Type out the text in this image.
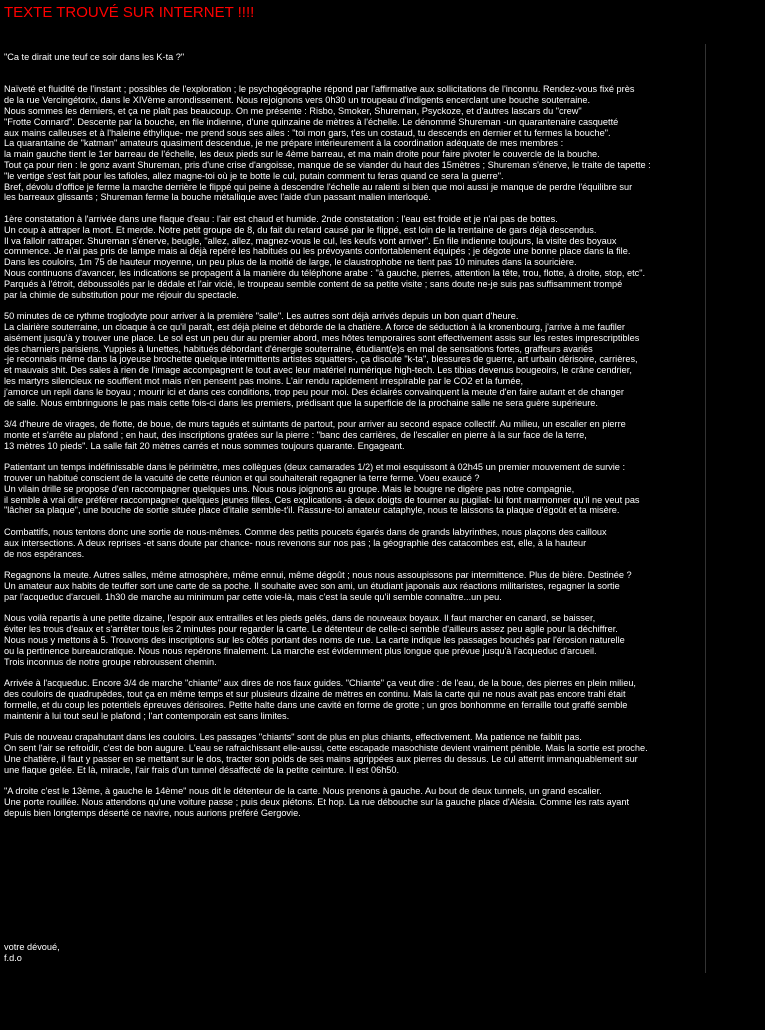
TEXTE TROUVÉ SUR INTERNET !!!!

"Ca te dirait une teuf ce soir dans les K-ta ?"

Naïveté et fluidité de l'instant ; possibles de l'exploration ; le psychogéographe répond par l'affirmative aux sollicitations de l'inconnu. Rendez-vous fixé près
de la rue Vercingétorix, dans le XIVème arrondissement. Nous rejoignons vers 0h30 un troupeau d'indigents encerclant une bouche souterraine.
Nous sommes les derniers, et ça ne plaît pas beaucoup. On me présente : Risbo, Smoker, Shureman, Psyckoze, et d'autres lascars du "crew"
"Frotte Connard". Descente par la bouche, en file indienne, d'une quinzaine de mètres à l'échelle. Le dénommé Shureman -un quarantenaire casquetté
aux mains calleuses et à l'haleine éthylique- me prend sous ses ailes : "toi mon gars, t'es un costaud, tu descends en dernier et tu fermes la bouche".
La quarantaine de "katman" amateurs quasiment descendue, je me prépare intérieurement à la coordination adéquate de mes membres :
la main gauche tient le 1er barreau de l'échelle, les deux pieds sur le 4ème barreau, et ma main droite pour faire pivoter le couvercle de la bouche.
Tout ça pour rien : le gonz avant Shureman, pris d'une crise d'angoisse, manque de se viander du haut des 15mètres ; Shureman s'énerve, le traite de tapette :
"le vertige s'est fait pour les tafioles, allez magne-toi où je te botte le cul, putain comment tu feras quand ce sera la guerre".
Bref, dévolu d'office je ferme la marche derrière le flippé qui peine à descendre l'échelle au ralenti si bien que moi aussi je manque de perdre l'équilibre sur
les barreaux glissants ; Shureman ferme la bouche métallique avec l'aide d'un passant malien interloqué.

1ère constatation à l'arrivée dans une flaque d'eau : l'air est chaud et humide. 2nde constatation : l'eau est froide et je n'ai pas de bottes.
Un coup à attraper la mort. Et merde. Notre petit groupe de 8, du fait du retard causé par le flippé, est loin de la trentaine de gars déjà descendus.
Il va falloir rattraper. Shureman s'énerve, beugle, "allez, allez, magnez-vous le cul, les keufs vont arriver". En file indienne toujours, la visite des boyaux
commence. Je n'ai pas pris de lampe mais ai déjà repéré les habitués ou les prévoyants confortablement équipés ; je dégote une bonne place dans la file.
Dans les couloirs, 1m 75 de hauteur moyenne, un peu plus de la moitié de large, le claustrophobe ne tient pas 10 minutes dans la souricière.
Nous continuons d'avancer, les indications se propagent à la manière du téléphone arabe : "à gauche, pierres, attention la tête, trou, flotte, à droite, stop, etc".
Parqués à l'étroit, déboussolés par le dédale et l'air vicié, le troupeau semble content de sa petite visite ; sans doute ne-je suis pas suffisamment trompé
par la chimie de substitution pour me réjouir du spectacle.

50 minutes de ce rythme troglodyte pour arriver à la première "salle". Les autres sont déjà arrivés depuis un bon quart d'heure.
La clairière souterraine, un cloaque à ce qu'il paraît, est déjà pleine et déborde de la chatière. A force de séduction à la kronenbourg, j'arrive à me faufiler
aisément jusqu'à y trouver une place. Le sol est un peu dur au premier abord, mes hôtes temporaires sont effectivement assis sur les restes imprescriptibles
des charniers parisiens. Yuppies à lunettes, habitués débordant d'énergie souterraine, étudiant(e)s en mal de sensations fortes, graffeurs avariés
-je reconnais même dans la joyeuse brochette quelque intermittents artistes squatters-, ça discute "k-ta", blessures de guerre, art urbain dérisoire, carrières,
et mauvais shit. Des sales à rien de l'image accompagnent le tout avec leur matériel numérique high-tech. Les tibias devenus bougeoirs, le crâne cendrier,
les martyrs silencieux ne soufflent mot mais n'en pensent pas moins. L'air rendu rapidement irrespirable par le CO2 et la fumée,
j'amorce un repli dans le boyau ; mourir ici et dans ces conditions, trop peu pour moi. Des éclairés convainquent la meute d'en faire autant et de changer
de salle. Nous embringuons le pas mais cette fois-ci dans les premiers, prédisant que la superficie de la prochaine salle ne sera guère supérieure.

3/4 d'heure de virages, de flotte, de boue, de murs tagués et suintants de partout, pour arriver au second espace collectif. Au milieu, un escalier en pierre
monte et s'arrête au plafond ; en haut, des inscriptions gratées sur la pierre : "banc des carrières, de l'escalier en pierre à la sur face de la terre,
13 mètres 10 pieds". La salle fait 20 mètres carrés et nous sommes toujours quarante. Engageant.

Patientant un temps indéfinissable dans le périmètre, mes collègues (deux camarades 1/2) et moi esquissont à 02h45 un premier mouvement de survie :
trouver un habitué conscient de la vacuité de cette réunion et qui souhaiterait regagner la terre ferme. Voeu exaucé ?
Un vilain drille se propose d'en raccompagner quelques uns. Nous nous joignons au groupe. Mais le bougre ne digère pas notre compagnie,
il semble à vrai dire préférer raccompagner quelques jeunes filles. Ces explications -à deux doigts de tourner au pugilat- lui font marmonner qu'il ne veut pas
"lâcher sa plaque", une bouche de sortie située place d'italie semble-t'il. Rassure-toi amateur cataphyle, nous te laissons ta plaque d'égoût et ta misère.

Combattifs, nous tentons donc une sortie de nous-mêmes. Comme des petits poucets égarés dans de grands labyrinthes, nous plaçons des cailloux
aux intersections. A deux reprises -et sans doute par chance- nous revenons sur nos pas ; la géographie des catacombes est, elle, à la hauteur
de nos espérances.

Regagnons la meute. Autres salles, même atmosphère, même ennui, même dégoût ; nous nous assoupissons par intermittence. Plus de bière. Destinée ?
Un amateur aux habits de teuffer sort une carte de sa poche. Il souhaite avec son ami, un étudiant japonais aux réactions militaristes, regagner la sortie
par l'acqueduc d'arcueil. 1h30 de marche au minimum par cette voie-là, mais c'est la seule qu'il semble connaître...un peu.

Nous voilà repartis à une petite dizaine, l'espoir aux entrailles et les pieds gelés, dans de nouveaux boyaux. Il faut marcher en canard, se baisser,
éviter les trous d'eaux et s'arrêter tous les 2 minutes pour regarder la carte. Le détenteur de celle-ci semble d'ailleurs assez peu agile pour la déchiffrer.
Nous nous y mettons à 5. Trouvons des inscriptions sur les côtés portant des noms de rue. La carte indique les passages bouchés par l'érosion naturelle
ou la pertinence bureaucratique. Nous nous repérons finalement. La marche est évidemment plus longue que prévue jusqu'à l'acqueduc d'arcueil.
Trois inconnus de notre groupe rebroussent chemin.

Arrivée à l'acqueduc. Encore 3/4 de marche "chiante" aux dires de nos faux guides. "Chiante" ça veut dire : de l'eau, de la boue, des pierres en plein milieu,
des couloirs de quadrupèdes, tout ça en même temps et sur plusieurs dizaine de mètres en continu. Mais la carte qui ne nous avait pas encore trahi était
formelle, et du coup les potentiels épreuves dérisoires. Petite halte dans une cavité en forme de grotte ; un gros bonhomme en ferraille tout graffé semble
maintenir à lui tout seul le plafond ; l'art contemporain est sans limites.

Puis de nouveau crapahutant dans les couloirs. Les passages "chiants" sont de plus en plus chiants, effectivement. Ma patience ne faiblit pas.
On sent l'air se refroidir, c'est de bon augure. L'eau se rafraichissant elle-aussi, cette escapade masochiste devient vraiment pénible. Mais la sortie est proche.
Une chatière, il faut y passer en se mettant sur le dos, tracter son poids de ses mains agrippées aux pierres du dessus. Le cul atterrit immanquablement sur
une flaque gelée. Et là, miracle, l'air frais d'un tunnel désaffecté de la petite ceinture. Il est 06h50.

"A droite c'est le 13ème, à gauche le 14ème" nous dit le détenteur de la carte. Nous prenons à gauche. Au bout de deux tunnels, un grand escalier.
Une porte rouillée. Nous attendons qu'une voiture passe ; puis deux piétons. Et hop. La rue débouche sur la gauche place d'Alésia. Comme les rats ayant
depuis bien longtemps déserté ce navire, nous aurions préféré Gergovie.

votre dévoué,
f.d.o
